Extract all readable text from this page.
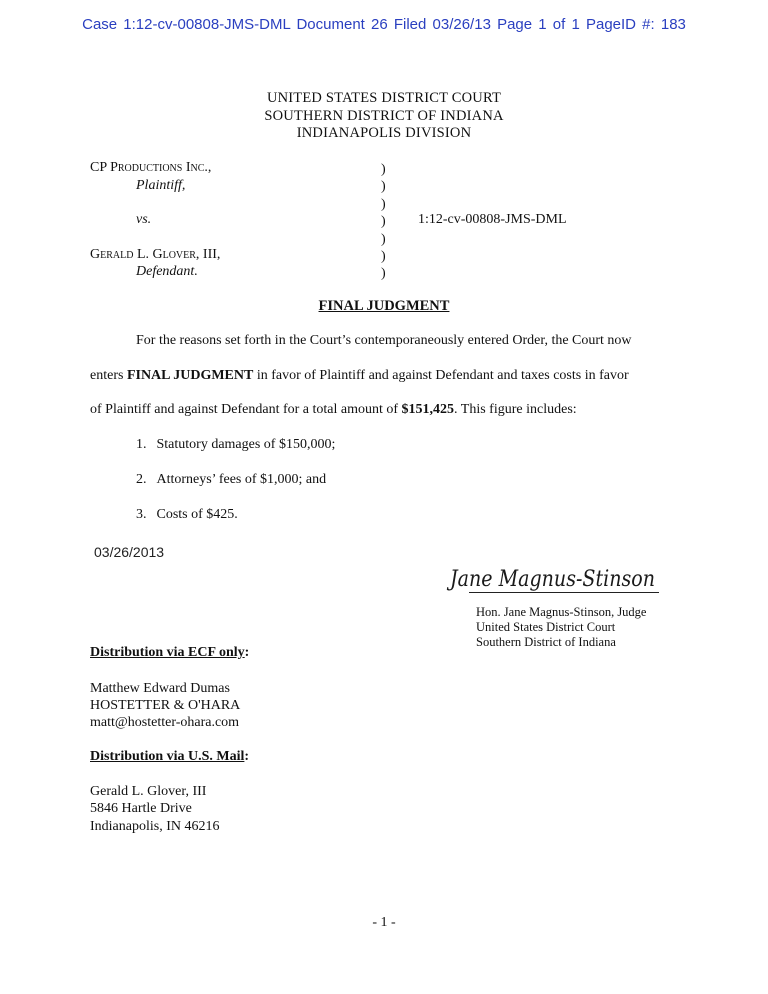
Case 1:12-cv-00808-JMS-DML Document 26 Filed 03/26/13 Page 1 of 1 PageID #: 183
UNITED STATES DISTRICT COURT
SOUTHERN DISTRICT OF INDIANA
INDIANAPOLIS DIVISION
CP Productions Inc.,
Plaintiff,
vs.
Gerald L. Glover, III,
Defendant.
)
)
)
)
)
)
)
1:12-cv-00808-JMS-DML
FINAL JUDGMENT
For the reasons set forth in the Court’s contemporaneously entered Order, the Court now
enters FINAL JUDGMENT in favor of Plaintiff and against Defendant and taxes costs in favor
of Plaintiff and against Defendant for a total amount of $151,425. This figure includes:
1. Statutory damages of $150,000;
2. Attorneys’ fees of $1,000; and
3. Costs of $425.
03/26/2013
Jane Magnus-Stinson
Hon. Jane Magnus-Stinson, Judge
United States District Court
Southern District of Indiana
Distribution via ECF only:
Matthew Edward Dumas
HOSTETTER & O'HARA
matt@hostetter-ohara.com
Distribution via U.S. Mail:
Gerald L. Glover, III
5846 Hartle Drive
Indianapolis, IN 46216
- 1 -
